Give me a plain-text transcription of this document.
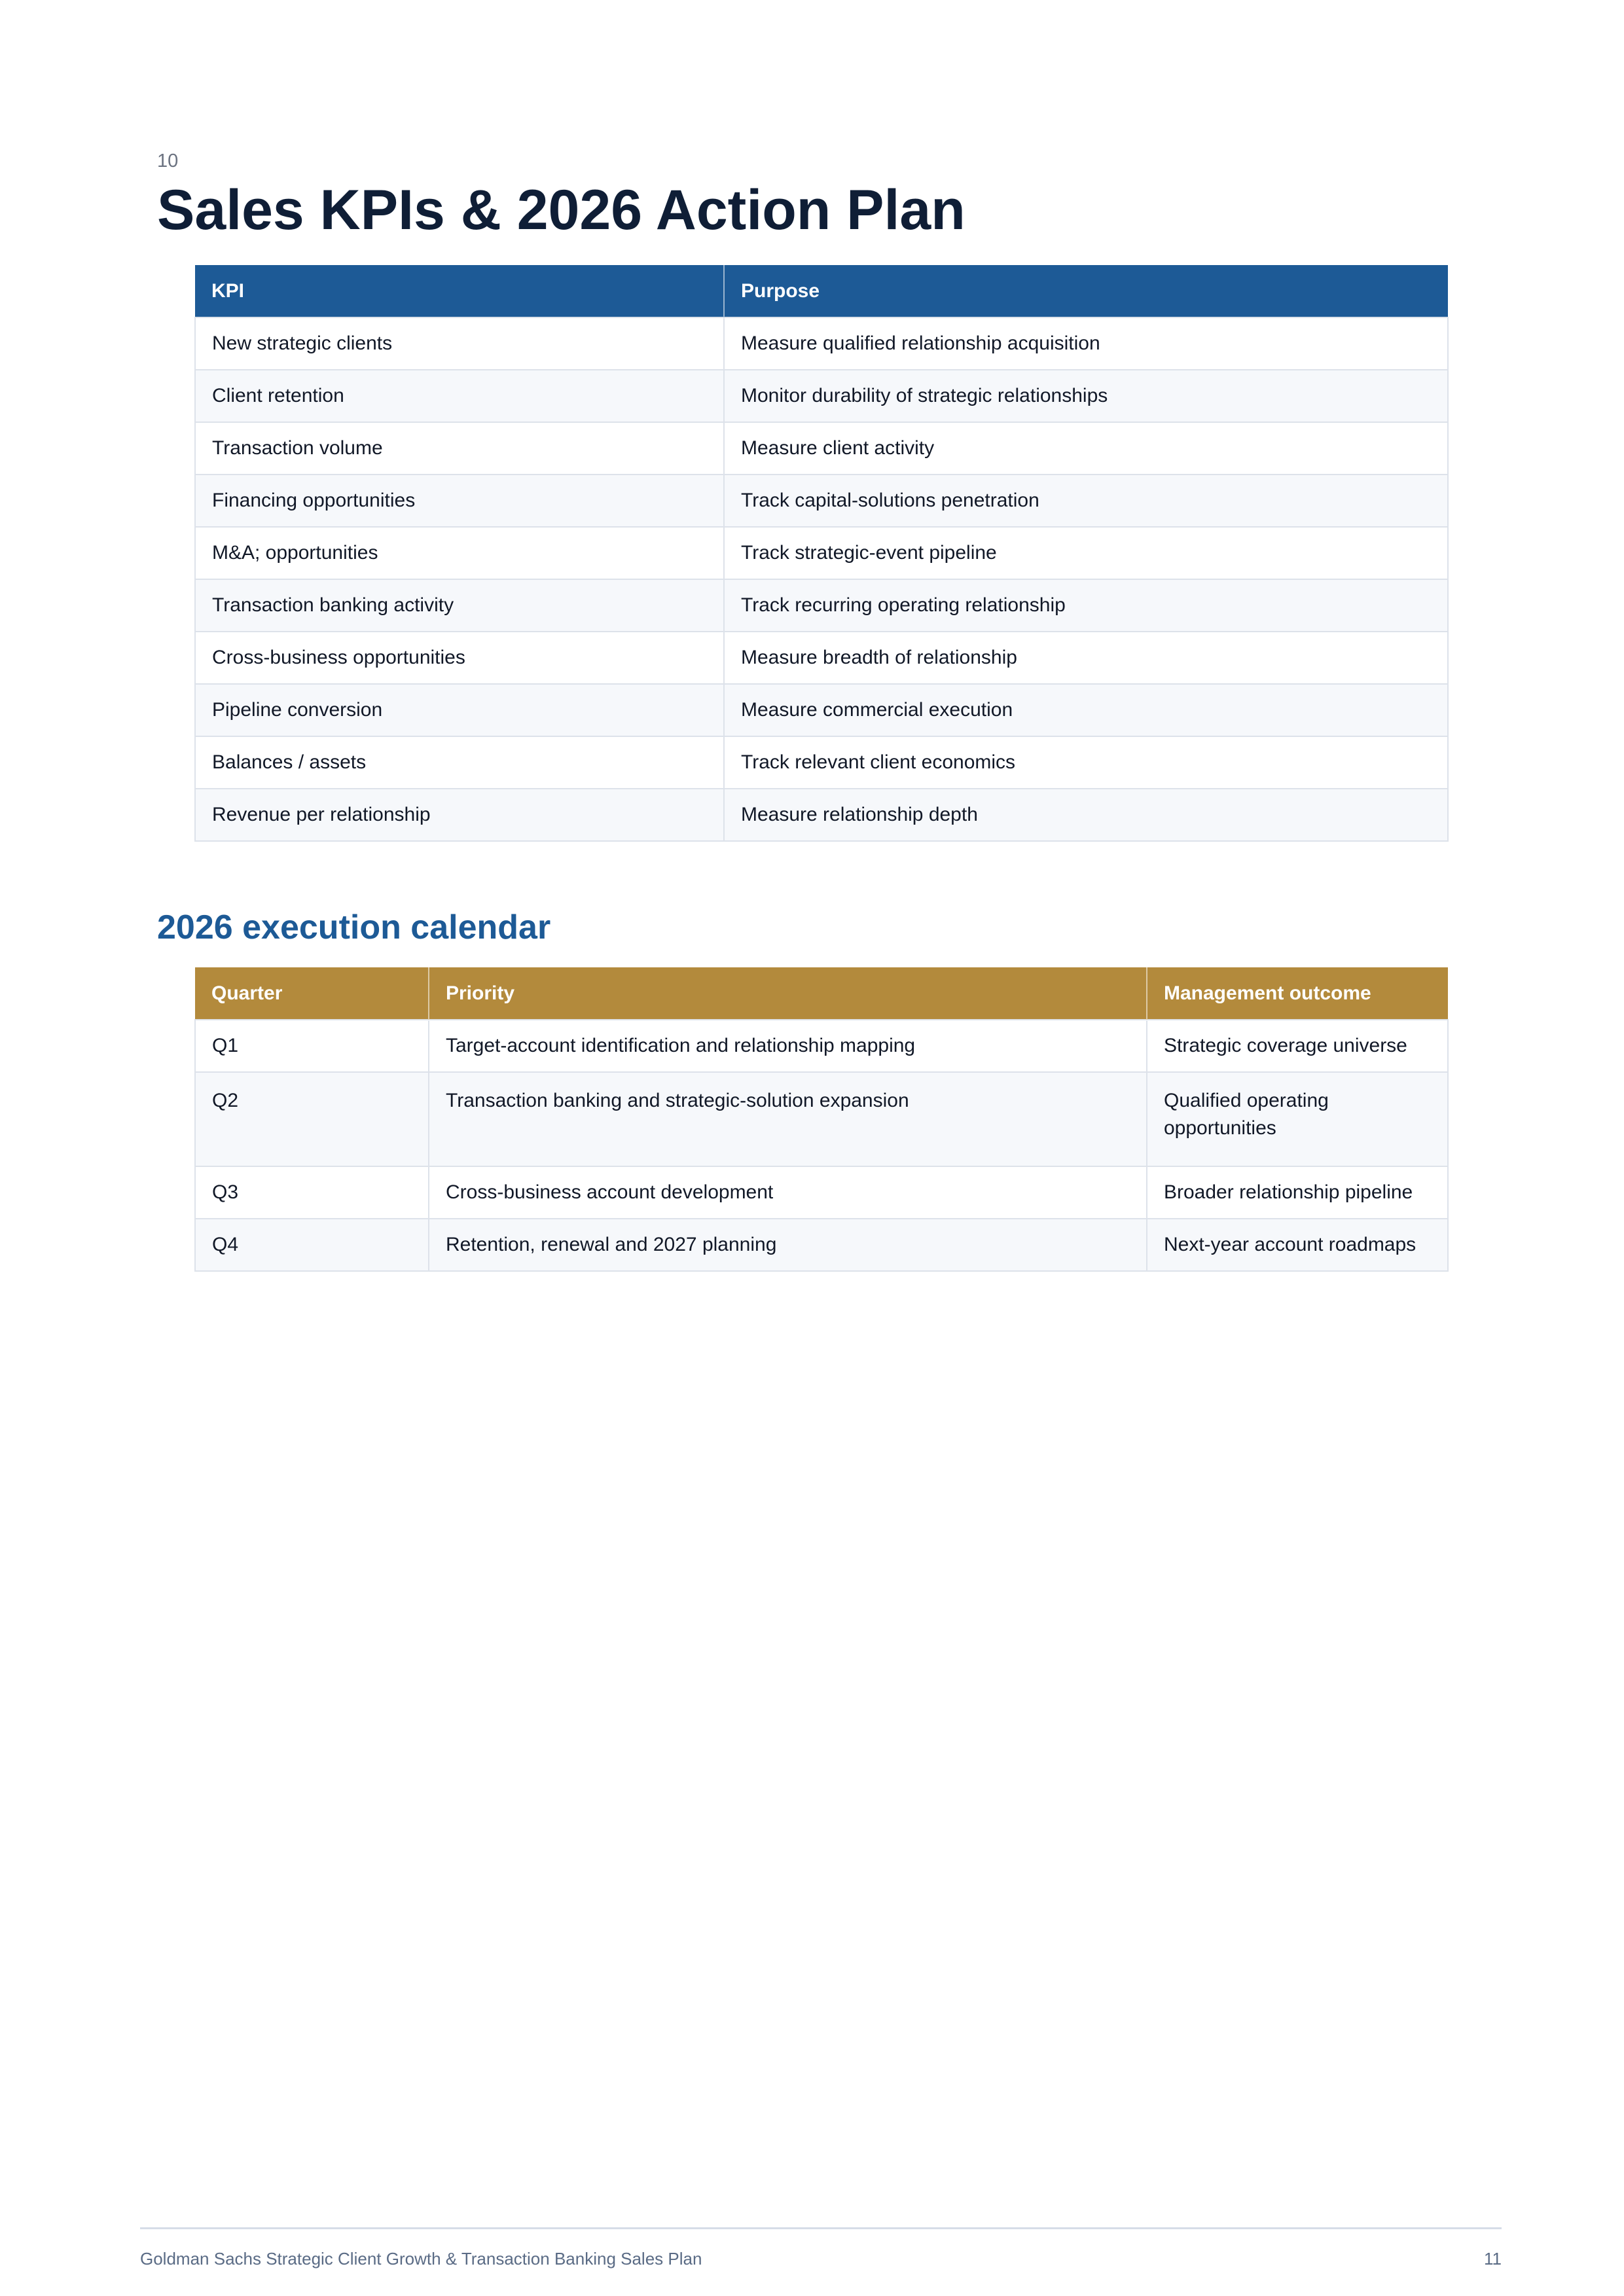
10
Sales KPIs & 2026 Action Plan
KPI	Purpose
New strategic clients	Measure qualified relationship acquisition
Client retention	Monitor durability of strategic relationships
Transaction volume	Measure client activity
Financing opportunities	Track capital-solutions penetration
M&A; opportunities	Track strategic-event pipeline
Transaction banking activity	Track recurring operating relationship
Cross-business opportunities	Measure breadth of relationship
Pipeline conversion	Measure commercial execution
Balances / assets	Track relevant client economics
Revenue per relationship	Measure relationship depth
2026 execution calendar
Quarter	Priority	Management outcome
Q1	Target-account identification and relationship mapping	Strategic coverage universe
Q2	Transaction banking and strategic-solution expansion	Qualified operating opportunities
Q3	Cross-business account development	Broader relationship pipeline
Q4	Retention, renewal and 2027 planning	Next-year account roadmaps
Goldman Sachs Strategic Client Growth & Transaction Banking Sales Plan	11
